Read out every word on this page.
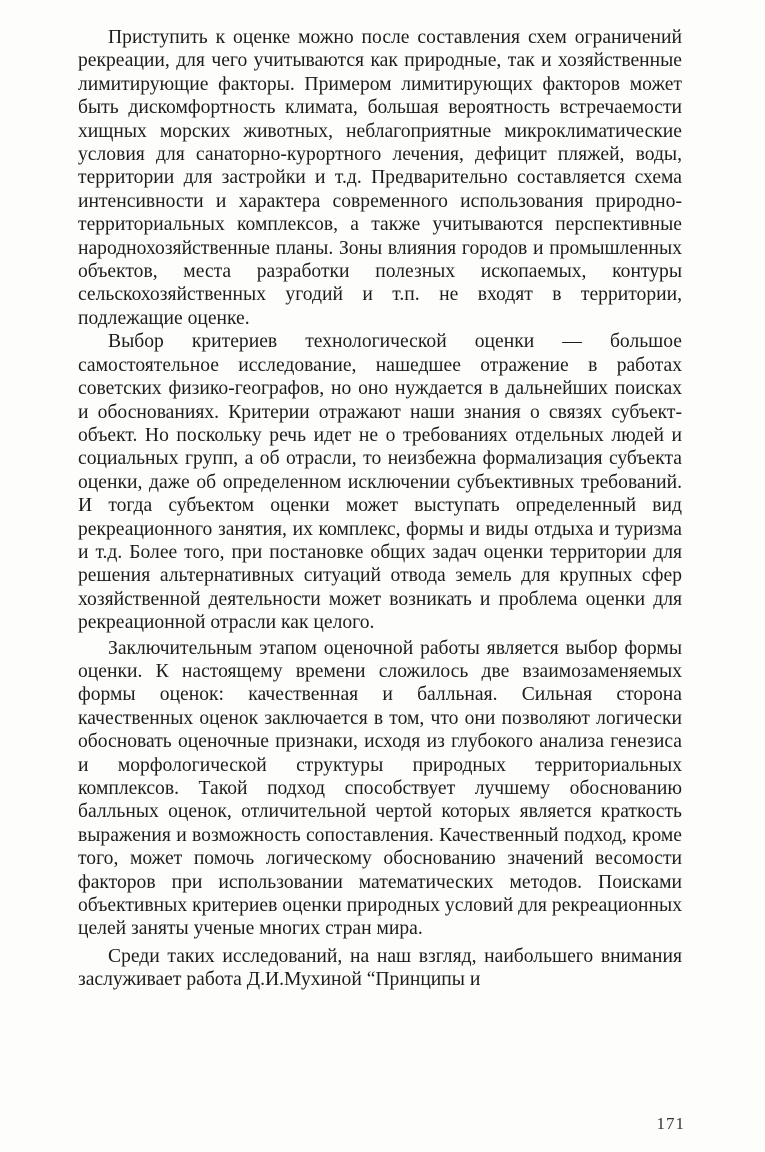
Приступить к оценке можно после составления схем ограничений рекреации, для чего учитываются как природные, так и хозяйственные лимитирующие факторы. Примером лимитирующих факторов может быть дискомфортность климата, большая вероятность встречаемости хищных морских животных, неблагоприятные микроклиматические условия для санаторно-курортного лечения, дефицит пляжей, воды, территории для застройки и т.д. Предварительно составляется схема интенсивности и характера современного использования природно-территориальных комплексов, а также учитываются перспективные народнохозяйственные планы. Зоны влияния городов и промышленных объектов, места разработки полезных ископаемых, контуры сельскохозяйственных угодий и т.п. не входят в территории, подлежащие оценке.

Выбор критериев технологической оценки — большое самостоятельное исследование, нашедшее отражение в работах советских физико-географов, но оно нуждается в дальнейших поисках и обоснованиях. Критерии отражают наши знания о связях субъект-объект. Но поскольку речь идет не о требованиях отдельных людей и социальных групп, а об отрасли, то неизбежна формализация субъекта оценки, даже об определенном исключении субъективных требований. И тогда субъектом оценки может выступать определенный вид рекреационного занятия, их комплекс, формы и виды отдыха и туризма и т.д. Более того, при постановке общих задач оценки территории для решения альтернативных ситуаций отвода земель для крупных сфер хозяйственной деятельности может возникать и проблема оценки для рекреационной отрасли как целого.

Заключительным этапом оценочной работы является выбор формы оценки. К настоящему времени сложилось две взаимозаменяемых формы оценок: качественная и балльная. Сильная сторона качественных оценок заключается в том, что они позволяют логически обосновать оценочные признаки, исходя из глубокого анализа генезиса и морфологической структуры природных территориальных комплексов. Такой подход способствует лучшему обоснованию балльных оценок, отличительной чертой которых является краткость выражения и возможность сопоставления. Качественный подход, кроме того, может помочь логическому обоснованию значений весомости факторов при использовании математических методов. Поисками объективных критериев оценки природных условий для рекреационных целей заняты ученые многих стран мира.

Среди таких исследований, на наш взгляд, наибольшего внимания заслуживает работа Д.И.Мухиной “Принципы и

171
